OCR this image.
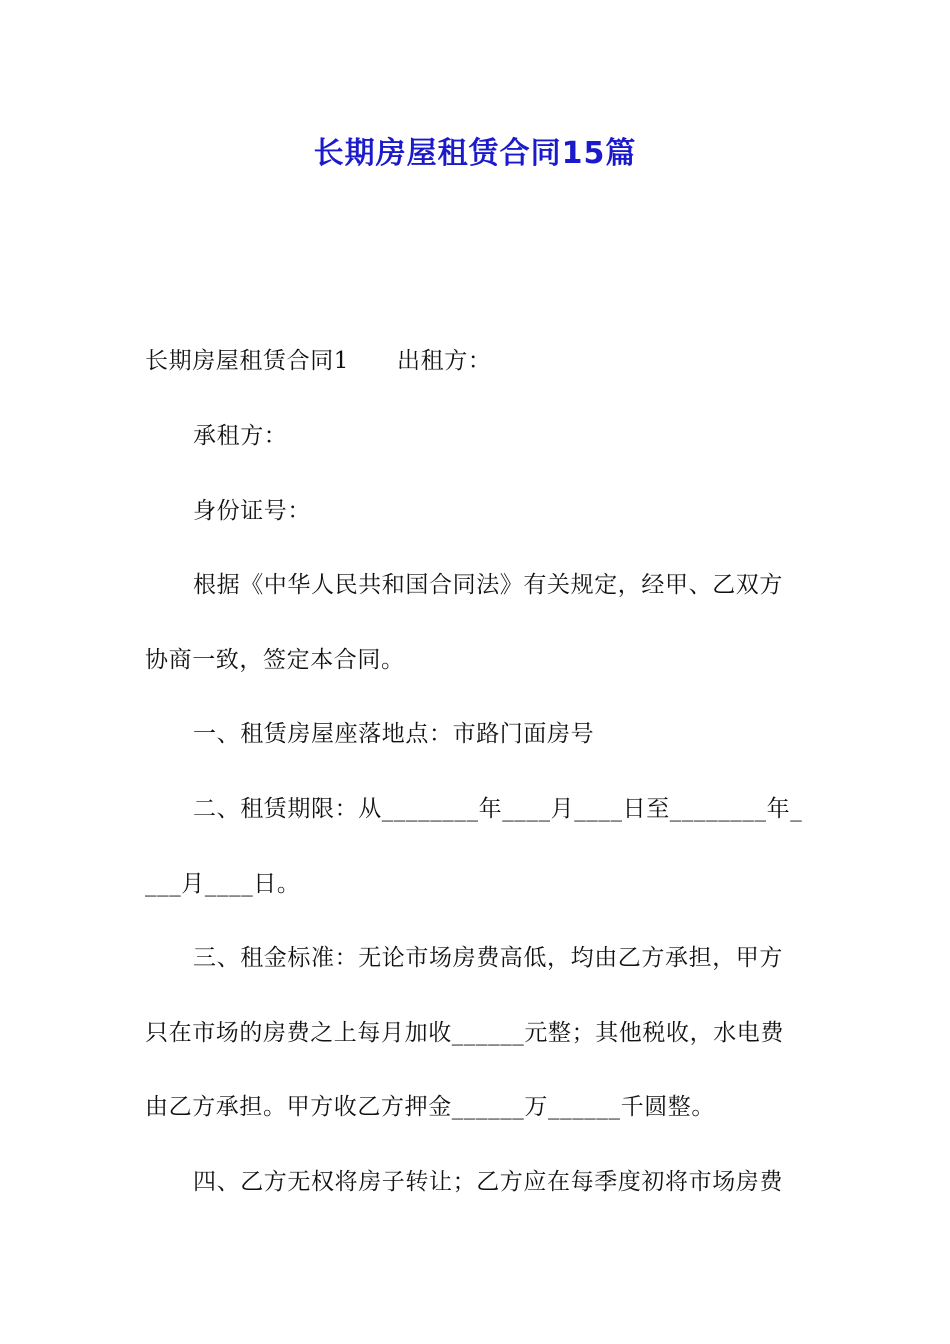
长期房屋租赁合同15篇
长期房屋租赁合同1 出租方：
承租方：
身份证号：
根据《中华人民共和国合同法》有关规定，经甲、乙双方
协商一致，签定本合同。
一、租赁房屋座落地点：市路门面房号
二、租赁期限：从________年____月____日至________年_
___月____日。
三、租金标准：无论市场房费高低，均由乙方承担，甲方
只在市场的房费之上每月加收______元整；其他税收，水电费
由乙方承担。甲方收乙方押金______万______千圆整。
四、乙方无权将房子转让；乙方应在每季度初将市场房费
